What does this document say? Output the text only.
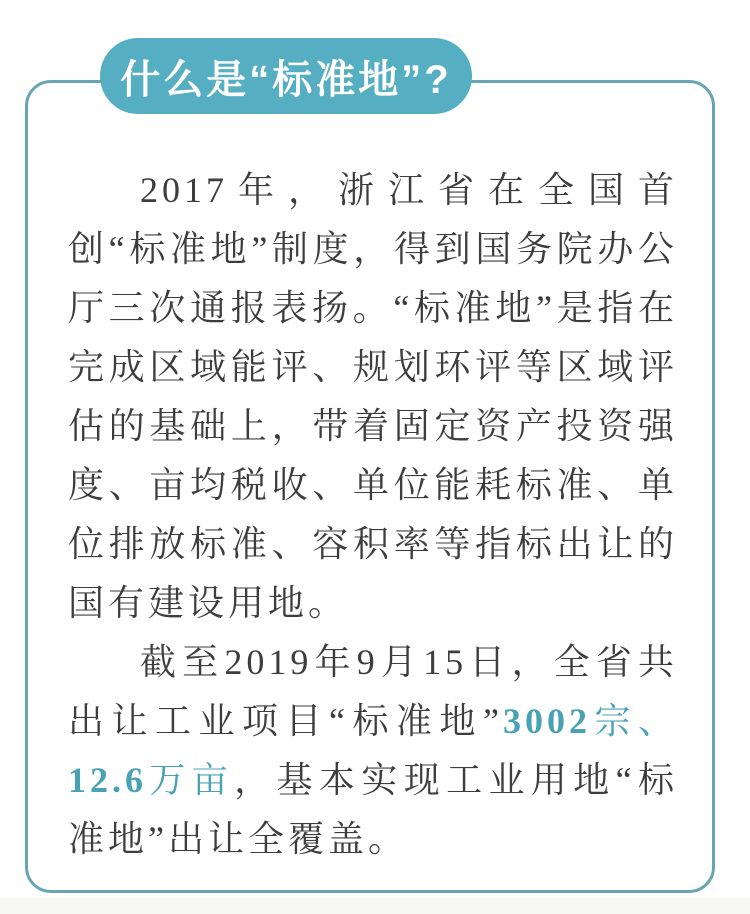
什么是“标准地”?

2017年，浙江省在全国首创“标准地”制度，得到国务院办公厅三次通报表扬。“标准地”是指在完成区域能评、规划环评等区域评估的基础上，带着固定资产投资强度、亩均税收、单位能耗标准、单位排放标准、容积率等指标出让的国有建设用地。

截至2019年9月15日，全省共出让工业项目“标准地”3002宗、12.6万亩，基本实现工业用地“标准地”出让全覆盖。
